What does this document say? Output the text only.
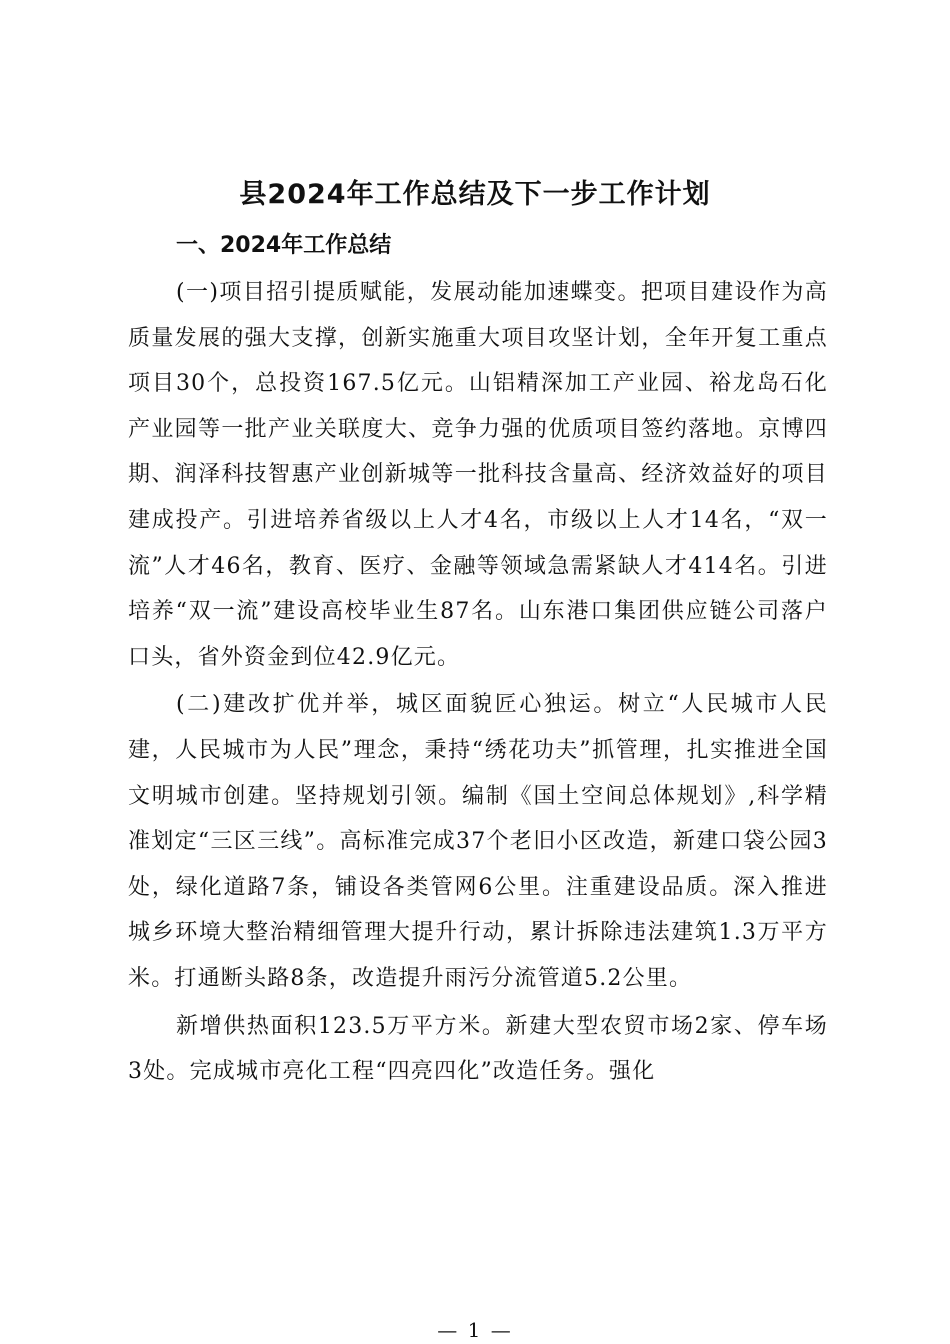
县2024年工作总结及下一步工作计划
一、2024年工作总结

(一)项目招引提质赋能，发展动能加速蝶变。把项目建设作为高质量发展的强大支撑，创新实施重大项目攻坚计划，全年开复工重点项目30个，总投资167.5亿元。山铝精深加工产业园、裕龙岛石化产业园等一批产业关联度大、竞争力强的优质项目签约落地。京博四期、润泽科技智惠产业创新城等一批科技含量高、经济效益好的项目建成投产。引进培养省级以上人才4名，市级以上人才14名，“双一流”人才46名，教育、医疗、金融等领域急需紧缺人才414名。引进培养“双一流”建设高校毕业生87名。山东港口集团供应链公司落户口头，省外资金到位42.9亿元。

(二)建改扩优并举，城区面貌匠心独运。树立“人民城市人民建，人民城市为人民”理念，秉持“绣花功夫”抓管理，扎实推进全国文明城市创建。坚持规划引领。编制《国土空间总体规划》,科学精准划定“三区三线”。高标准完成37个老旧小区改造，新建口袋公园3处，绿化道路7条，铺设各类管网6公里。注重建设品质。深入推进城乡环境大整治精细管理大提升行动，累计拆除违法建筑1.3万平方米。打通断头路8条，改造提升雨污分流管道5.2公里。

新增供热面积123.5万平方米。新建大型农贸市场2家、停车场3处。完成城市亮化工程“四亮四化”改造任务。强化

— 1 —
